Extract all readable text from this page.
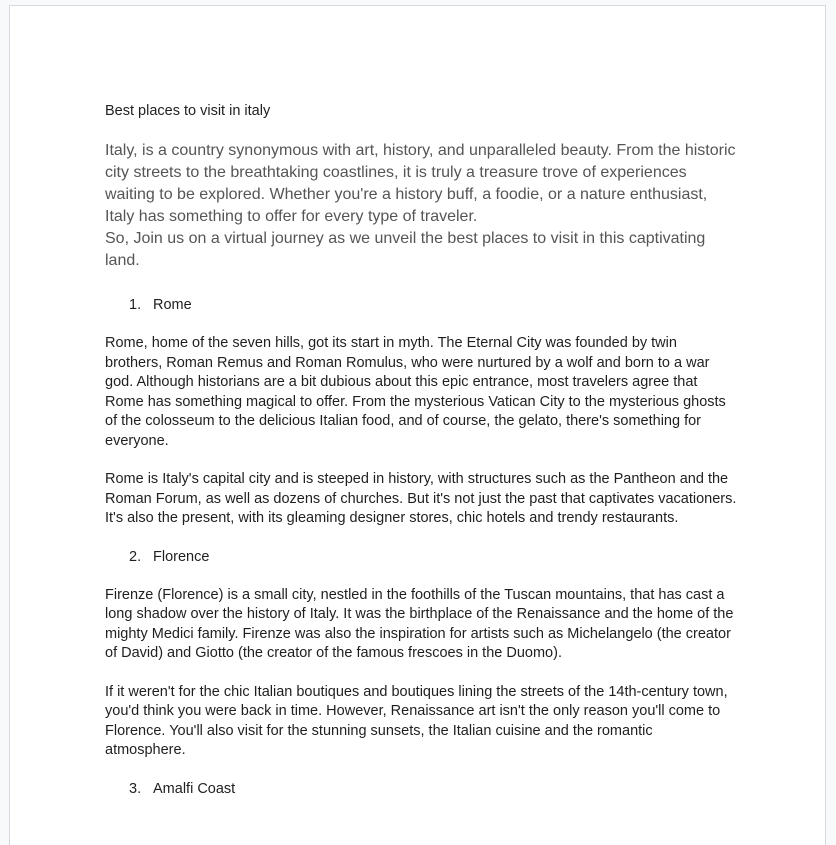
Best places to visit in italy

Italy, is a country synonymous with art, history, and unparalleled beauty. From the historic city streets to the breathtaking coastlines, it is truly a treasure trove of experiences waiting to be explored. Whether you're a history buff, a foodie, or a nature enthusiast, Italy has something to offer for every type of traveler.

So, Join us on a virtual journey as we unveil the best places to visit in this captivating land.

1. Rome

Rome, home of the seven hills, got its start in myth. The Eternal City was founded by twin brothers, Roman Remus and Roman Romulus, who were nurtured by a wolf and born to a war god. Although historians are a bit dubious about this epic entrance, most travelers agree that Rome has something magical to offer. From the mysterious Vatican City to the mysterious ghosts of the colosseum to the delicious Italian food, and of course, the gelato, there's something for everyone.

Rome is Italy's capital city and is steeped in history, with structures such as the Pantheon and the Roman Forum, as well as dozens of churches. But it's not just the past that captivates vacationers. It's also the present, with its gleaming designer stores, chic hotels and trendy restaurants.

2. Florence

Firenze (Florence) is a small city, nestled in the foothills of the Tuscan mountains, that has cast a long shadow over the history of Italy. It was the birthplace of the Renaissance and the home of the mighty Medici family. Firenze was also the inspiration for artists such as Michelangelo (the creator of David) and Giotto (the creator of the famous frescoes in the Duomo).

If it weren't for the chic Italian boutiques and boutiques lining the streets of the 14th-century town, you'd think you were back in time. However, Renaissance art isn't the only reason you'll come to Florence. You'll also visit for the stunning sunsets, the Italian cuisine and the romantic atmosphere.

3. Amalfi Coast
